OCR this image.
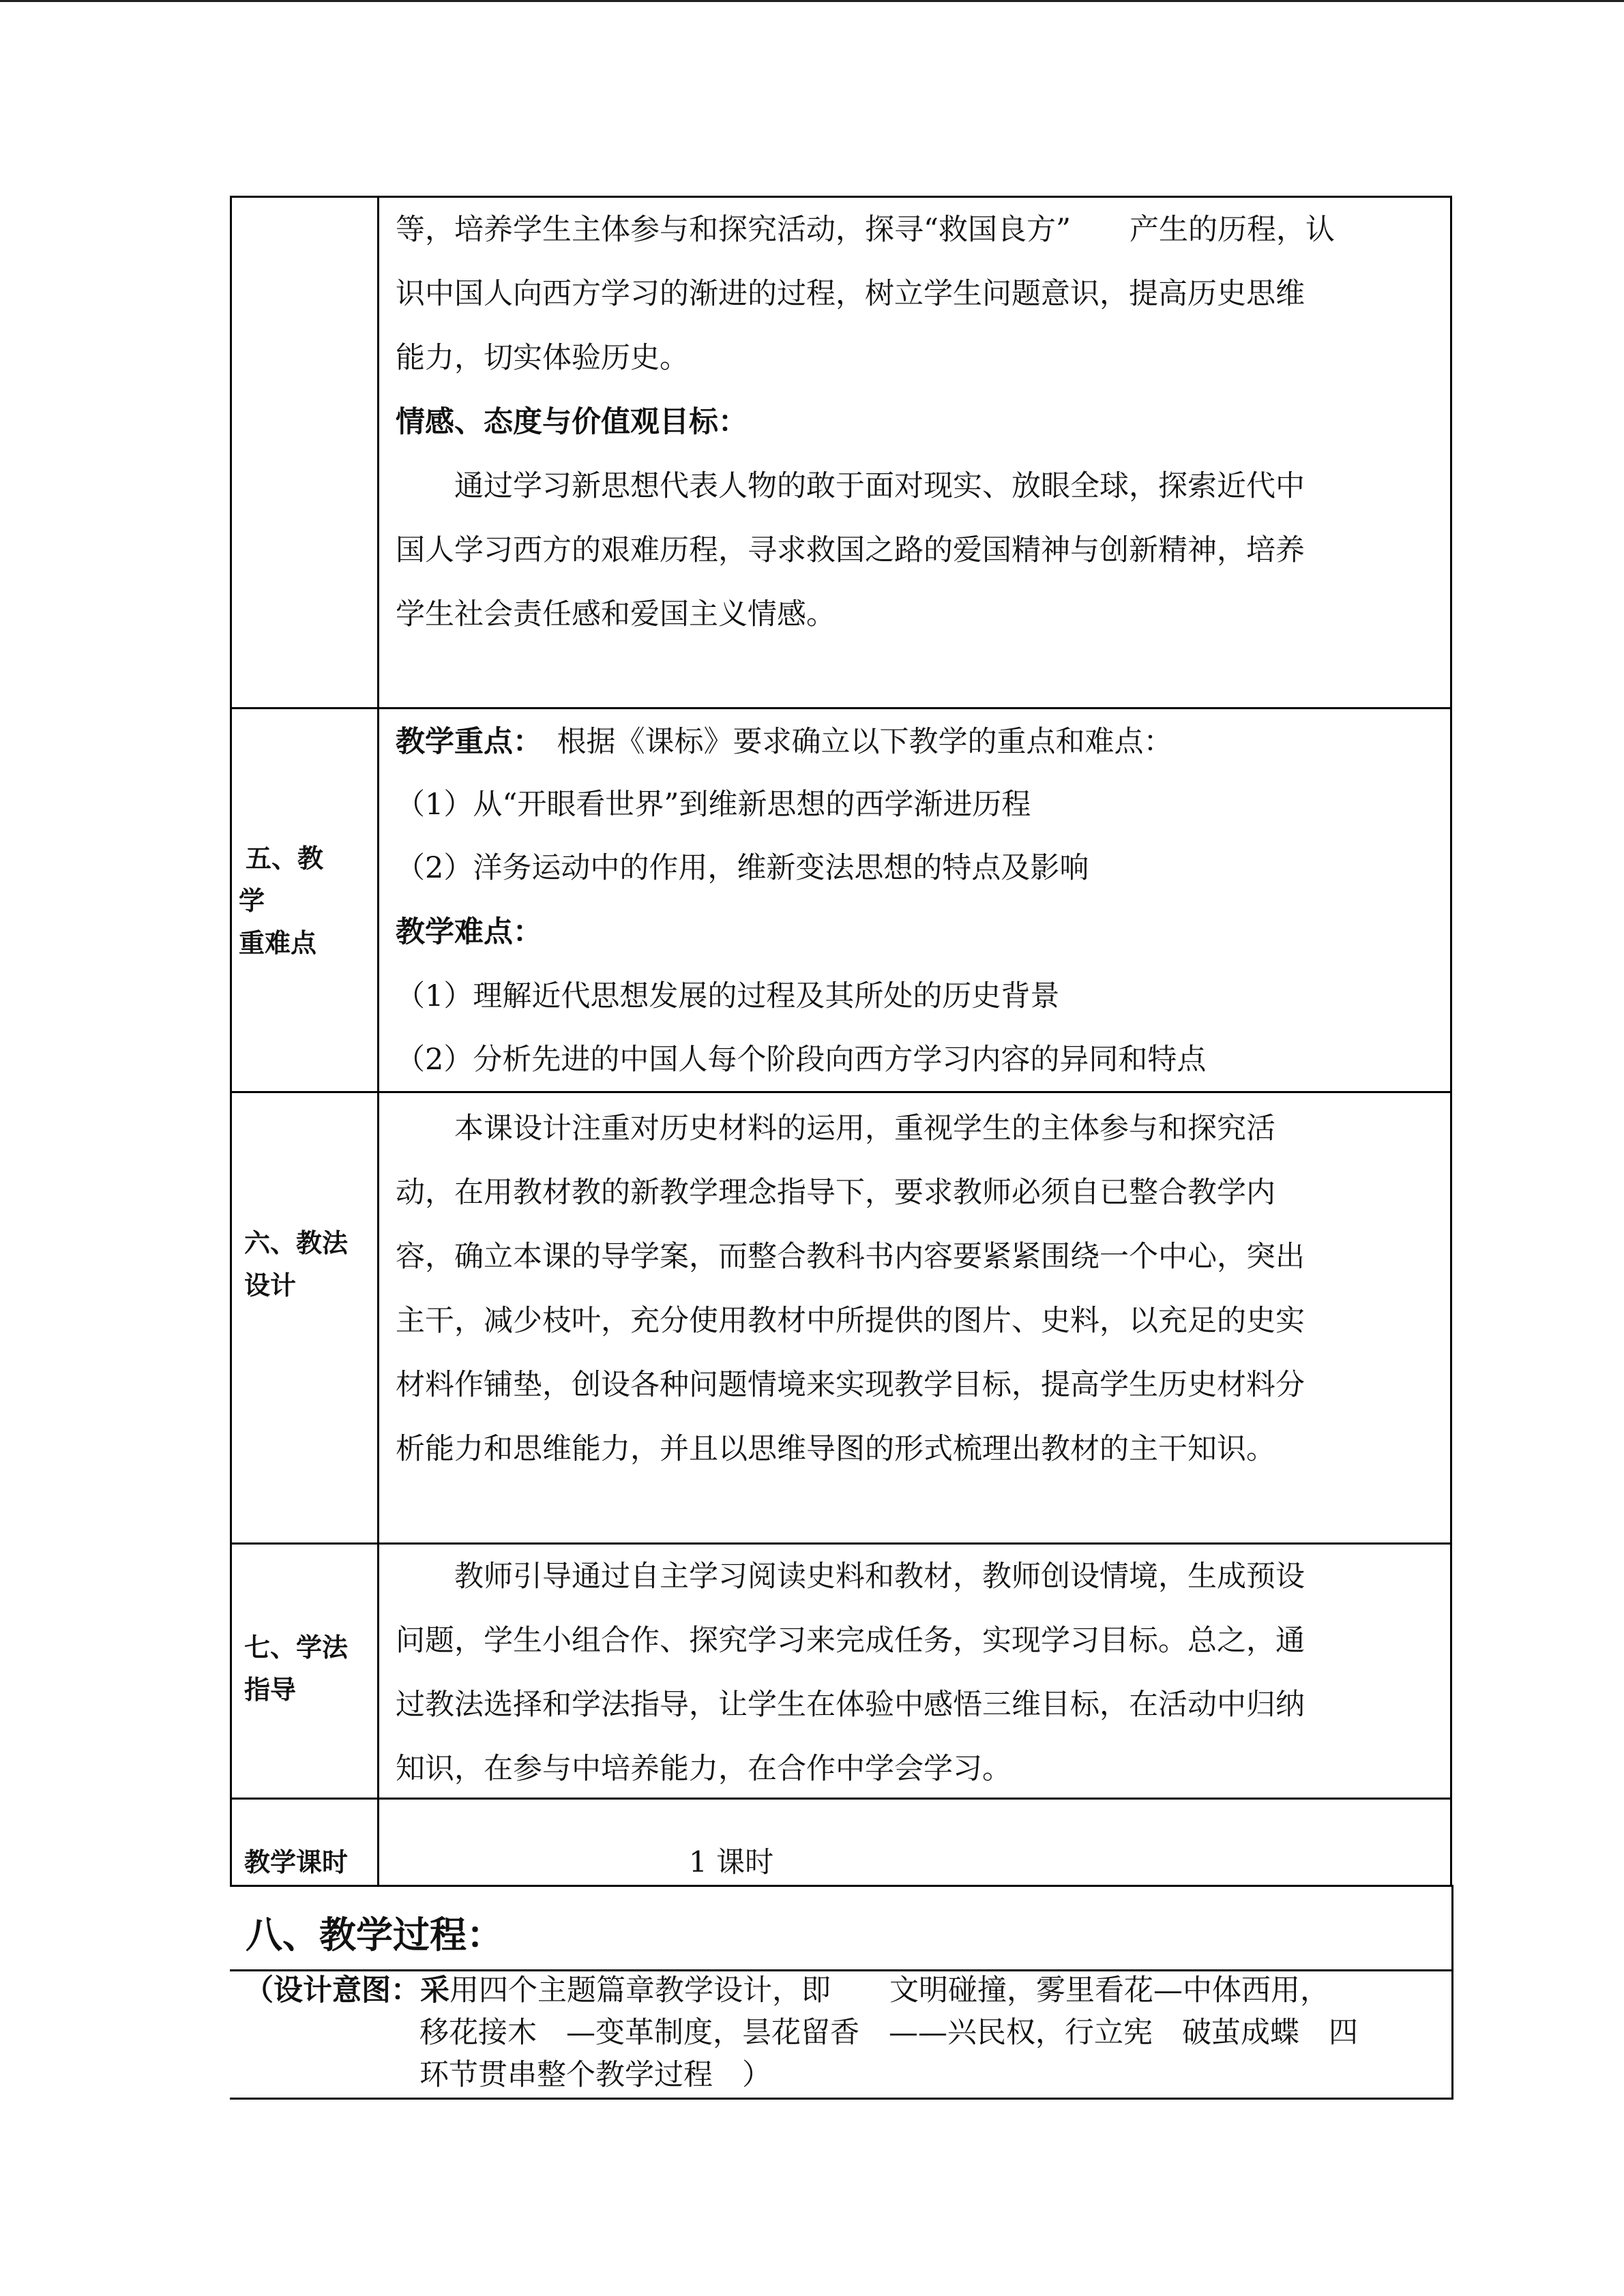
等，培养学生主体参与和探究活动，探寻“救国良方”　　产生的历程，认
识中国人向西方学习的渐进的过程，树立学生问题意识，提高历史思维
能力，切实体验历史。
情感、态度与价值观目标：
　　通过学习新思想代表人物的敢于面对现实、放眼全球，探索近代中
国人学习西方的艰难历程，寻求救国之路的爱国精神与创新精神，培养
学生社会责任感和爱国主义情感。
五、教
学
重难点
教学重点：　根据《课标》要求确立以下教学的重点和难点：
（1）从“开眼看世界”到维新思想的西学渐进历程
（2）洋务运动中的作用，维新变法思想的特点及影响
教学难点：
（1）理解近代思想发展的过程及其所处的历史背景
（2）分析先进的中国人每个阶段向西方学习内容的异同和特点
六、教法
设计
　　本课设计注重对历史材料的运用，重视学生的主体参与和探究活
动，在用教材教的新教学理念指导下，要求教师必须自已整合教学内
容，确立本课的导学案，而整合教科书内容要紧紧围绕一个中心，突出
主干，减少枝叶，充分使用教材中所提供的图片、史料，以充足的史实
材料作铺垫，创设各种问题情境来实现教学目标，提高学生历史材料分
析能力和思维能力，并且以思维导图的形式梳理出教材的主干知识。
七、学法
指导
　　教师引导通过自主学习阅读史料和教材，教师创设情境，生成预设
问题，学生小组合作、探究学习来完成任务，实现学习目标。总之，通
过教法选择和学法指导，让学生在体验中感悟三维目标，在活动中归纳
知识，在参与中培养能力，在合作中学会学习。
教学课时	1 课时
八、教学过程：
（设计意图：采用四个主题篇章教学设计，即　　文明碰撞，雾里看花—中体西用，
移花接木　—变革制度，昙花留香　——兴民权，行立宪　破茧成蝶　四
环节贯串整个教学过程　）
